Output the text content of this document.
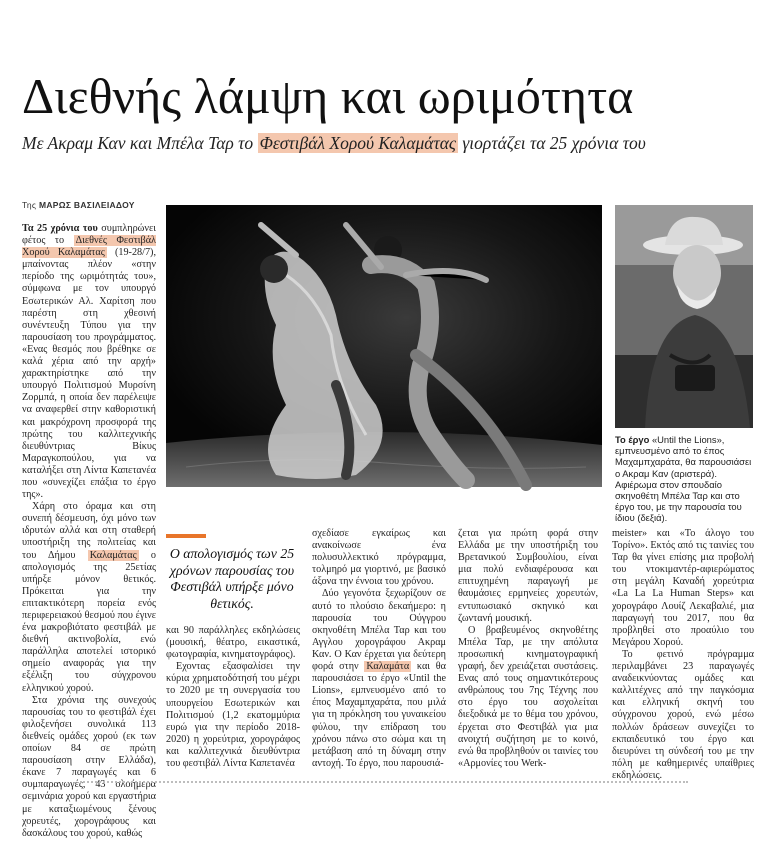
Διεθνής λάμψη και ωριμότητα
Με Ακραμ Καν και Μπέλα Ταρ το Φεστιβάλ Χορού Καλαμάτας γιορτάζει τα 25 χρόνια του
Της ΜΑΡΩΣ ΒΑΣΙΛΕΙΑΔΟΥ

Τα 25 χρόνια του συμπληρώνει φέτος το Διεθνές Φεστιβάλ Χορού Καλαμάτας (19-28/7), μπαίνοντας πλέον «στην περίοδο της ωριμότητάς του», σύμφωνα με τον υπουργό Εσωτερικών Αλ. Χαρίτση που παρέστη στη χθεσινή συνέντευξη Τύπου για την παρουσίαση του προγράμματος. «Ενας θεσμός που βρέθηκε σε καλά χέρια από την αρχή» χαρακτηρίστηκε από την υπουργό Πολιτισμού Μυρσίνη Ζορμπά, η οποία δεν παρέλειψε να αναφερθεί στην καθοριστική και μακρόχρονη προσφορά της πρώτης του καλλιτεχνικής διευθύντριας Βίκυς Μαραγκοπούλου, για να καταλήξει στη Λίντα Καπετανέα που «συνεχίζει επάξια το έργο της».

Χάρη στο όραμα και στη συνεπή δέσμευση, όχι μόνο των ιδρυτών αλλά και στη σταθερή υποστήριξη της πολιτείας και του Δήμου Καλαμάτας ο απολογισμός της 25ετίας υπήρξε μόνον θετικός. Πρόκειται για την επιτακτικότερη πορεία ενός περιφερειακού θεσμού που έγινε ένα μακροβιότατο φεστιβάλ με διεθνή ακτινοβολία, ενώ παράλληλα αποτελεί ιστορικό σημείο αναφοράς για την εξέλιξη του σύγχρονου ελληνικού χορού.

Στα χρόνια της συνεχούς παρουσίας του το φεστιβάλ έχει φιλοξενήσει συνολικά 113 διεθνείς ομάδες χορού (εκ των οποίων 84 σε πρώτη παρουσίαση στην Ελλάδα), έκανε 7 παραγωγές και 6 συμπαραγωγές, 43 ολοήμερα σεμινάρια χορού και εργαστήρια με καταξιωμένους ξένους χορευτές, χορογράφους και δασκάλους του χορού, καθώς

Το έργο «Until the Lions», εμπνευσμένο από το έπος Μαχαμπχαράτα, θα παρουσιάσει ο Ακραμ Καν (αριστερά). Αφιέρωμα στον σπουδαίο σκηνοθέτη Μπέλα Ταρ και στο έργο του, με την παρουσία του ίδιου (δεξιά).
Ο απολογισμός των 25 χρόνων παρουσίας του Φεστιβάλ υπήρξε μόνο θετικός.

και 90 παράλληλες εκδηλώσεις (μουσική, θέατρο, εικαστικά, φωτογραφία, κινηματογράφος).

Εχοντας εξασφαλίσει την κύρια χρηματοδότησή του μέχρι το 2020 με τη συνεργασία του υπουργείου Εσωτερικών και Πολιτισμού (1,2 εκατομμύρια ευρώ για την περίοδο 2018-2020) η χορεύτρια, χορογράφος και καλλιτεχνικά διευθύντρια του φεστιβάλ Λίντα Καπετανέα

σχεδίασε εγκαίρως και ανακοίνωσε ένα πολυσυλλεκτικό πρόγραμμα, τολμηρό μα γιορτινό, με βασικό άξονα την έννοια του χρόνου.

Δύο γεγονότα ξεχωρίζουν σε αυτό το πλούσιο δεκαήμερο: η παρουσία του Ούγγρου σκηνοθέτη Μπέλα Ταρ και του Αγγλου χορογράφου Ακραμ Καν. Ο Καν έρχεται για δεύτερη φορά στην Καλαμάτα και θα παρουσιάσει το έργο «Until the Lions», εμπνευσμένο από το έπος Μαχαμπχαράτα, που μιλά για τη πρόκληση του γυναικείου φύλου, την επίδραση του χρόνου πάνω στο σώμα και τη μετάβαση από τη δύναμη στην αντοχή. Το έργο, που παρουσιά-

ζεται για πρώτη φορά στην Ελλάδα με την υποστήριξη του Βρετανικού Συμβουλίου, είναι μια πολύ ενδιαφέρουσα και επιτυχημένη παραγωγή με θαυμάσιες ερμηνείες χορευτών, εντυπωσιακό σκηνικό και ζωντανή μουσική.

Ο βραβευμένος σκηνοθέτης Μπέλα Ταρ, με την απόλυτα προσωπική κινηματογραφική γραφή, δεν χρειάζεται συστάσεις. Ενας από τους σημαντικότερους ανθρώπους του 7ης Τέχνης που στο έργο του ασχολείται διεξοδικά με το θέμα του χρόνου, έρχεται στο Φεστιβάλ για μια ανοιχτή συζήτηση με το κοινό, ενώ θα προβληθούν οι ταινίες του «Αρμονίες του Werk-

meister» και «Το άλογο του Τορίνο». Εκτός από τις ταινίες του Ταρ θα γίνει επίσης μια προβολή του ντοκιμαντέρ-αφιερώματος στη μεγάλη Καναδή χορεύτρια «La La La Human Steps» και χορογράφο Λουίζ Λεκαβαλιέ, μια παραγωγή του 2017, που θα προβληθεί στο προαύλιο του Μεγάρου Χορού.

Το φετινό πρόγραμμα περιλαμβάνει 23 παραγωγές αναδεικνύοντας ομάδες και καλλιτέχνες από την παγκόσμια και ελληνική σκηνή του σύγχρονου χορού, ενώ μέσω πολλών δράσεων συνεχίζει το εκπαιδευτικό του έργο και διευρύνει τη σύνδεσή του με την πόλη με καθημερινές υπαίθριες εκδηλώσεις.
